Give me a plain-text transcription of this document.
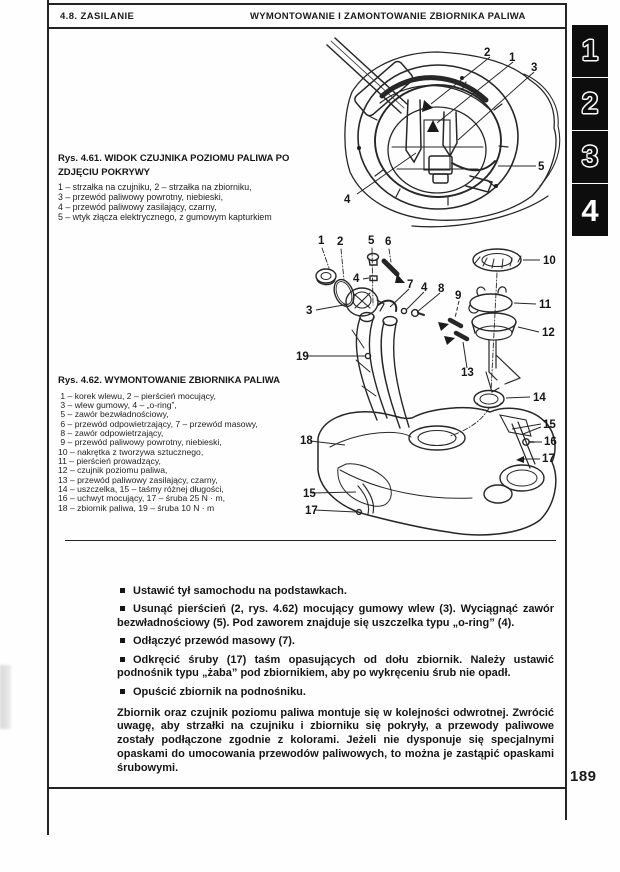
4.8. ZASILANIE	WYMONTOWANIE I ZAMONTOWANIE ZBIORNIKA PALIWA
1
2
3
4
2 1
3
5
4
Rys. 4.61. WIDOK CZUJNIKA POZIOMU PALIWA PO ZDJĘCIU POKRYWY
1 – strzałka na czujniku, 2 – strzałka na zbiorniku,
3 – przewód paliwowy powrotny, niebieski,
4 – przewód paliwowy zasilający, czarny,
5 – wtyk złącza elektrycznego, z gumowym kapturkiem
1 2 5 6
4
3
7 4 8
9
10
11
12
13
14
19
18
15
16
17
15
17
Rys. 4.62. WYMONTOWANIE ZBIORNIKA PALIWA
1 – korek wlewu, 2 – pierścień mocujący,
3 – wlew gumowy, 4 – „o-ring”,
5 – zawór bezwładnościowy,
6 – przewód odpowietrzający, 7 – przewód masowy,
8 – zawór odpowietrzający,
9 – przewód paliwowy powrotny, niebieski,
10 – nakrętka z tworzywa sztucznego,
11 – pierścień prowadzący,
12 – czujnik poziomu paliwa,
13 – przewód paliwowy zasilający, czarny,
14 – uszczelka, 15 – taśmy różnej długości,
16 – uchwyt mocujący, 17 – śruba 25 N · m,
18 – zbiornik paliwa, 19 – śruba 10 N · m
Ustawić tył samochodu na podstawkach.
Usunąć pierścień (2, rys. 4.62) mocujący gumowy wlew (3). Wyciągnąć zawór bezwładnościowy (5). Pod zaworem znajduje się uszczelka typu „o-ring” (4).
Odłączyć przewód masowy (7).
Odkręcić śruby (17) taśm opasujących od dołu zbiornik. Należy ustawić podnośnik typu „żaba” pod zbiornikiem, aby po wykręceniu śrub nie opadł.
Opuścić zbiornik na podnośniku.
Zbiornik oraz czujnik poziomu paliwa montuje się w kolejności odwrotnej. Zwrócić uwagę, aby strzałki na czujniku i zbiorniku się pokryły, a przewody paliwowe zostały podłączone zgodnie z kolorami. Jeżeli nie dysponuje się specjalnymi opaskami do umocowania przewodów paliwowych, to można je zastąpić opaskami śrubowymi.
189
